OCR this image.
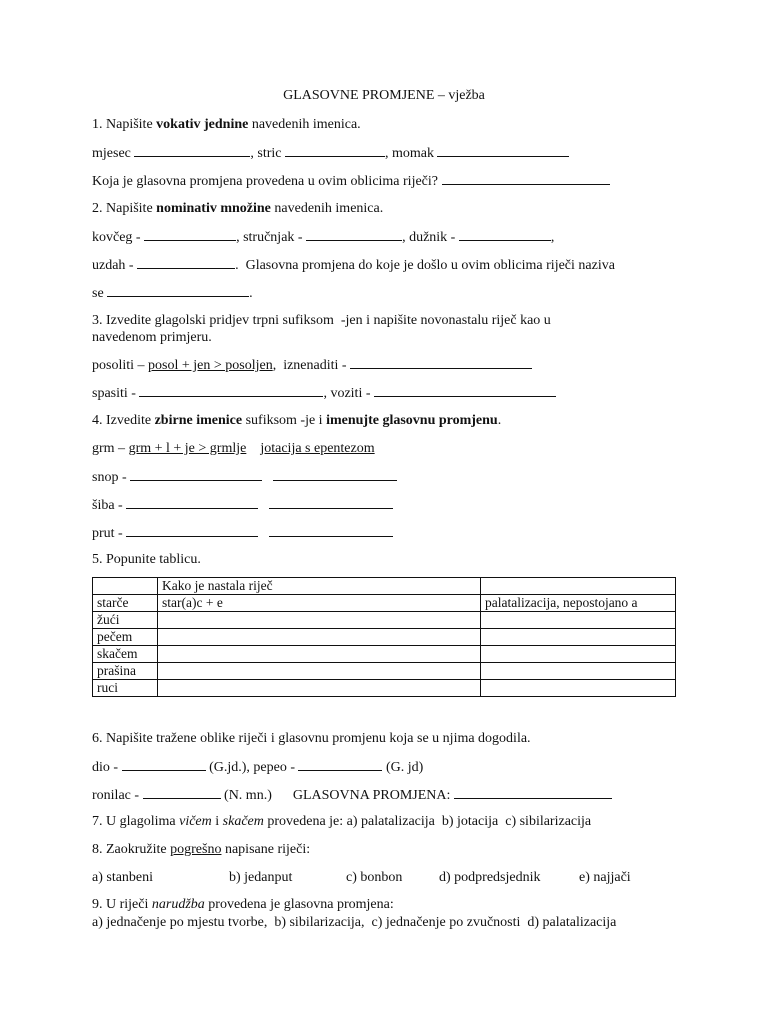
GLASOVNE PROMJENE – vježba
1. Napišite vokativ jednine navedenih imenica.
mjesec	, stric	, momak
Koja je glasovna promjena provedena u ovim oblicima riječi?
2. Napišite nominativ množine navedenih imenica.
kovčeg -	, stručnjak -	, dužnik -	,
uzdah -	.  Glasovna promjena do koje je došlo u ovim oblicima riječi naziva
se	.
3. Izvedite glagolski pridjev trpni sufiksom  -jen i napišite novonastalu riječ kao u
navedenom primjeru.
posoliti – posol + jen > posoljen,  iznenaditi -
spasiti -	, voziti -
4. Izvedite zbirne imenice sufiksom -je i imenujte glasovnu promjenu.
grm – grm + l + je > grmlje jotacija s epentezom
snop -
šiba -
prut -
5. Popunite tablicu.
	Kako je nastala riječ	
starče	star(a)c + e	palatalizacija, nepostojano a
žući		
pečem		
skačem		
prašina		
ruci		
6. Napišite tražene oblike riječi i glasovnu promjenu koja se u njima dogodila.
dio -	(G.jd.), pepeo -	(G. jd)
ronilac -	(N. mn.)      GLASOVNA PROMJENA:
7. U glagolima vičem i skačem provedena je: a) palatalizacija  b) jotacija  c) sibilarizacija
8. Zaokružite pogrešno napisane riječi:
a) stanbeni	b) jedanput	c) bonbon	d) podpredsjednik	e) najjači
9. U riječi narudžba provedena je glasovna promjena:
a) jednačenje po mjestu tvorbe,  b) sibilarizacija,  c) jednačenje po zvučnosti  d) palatalizacija
